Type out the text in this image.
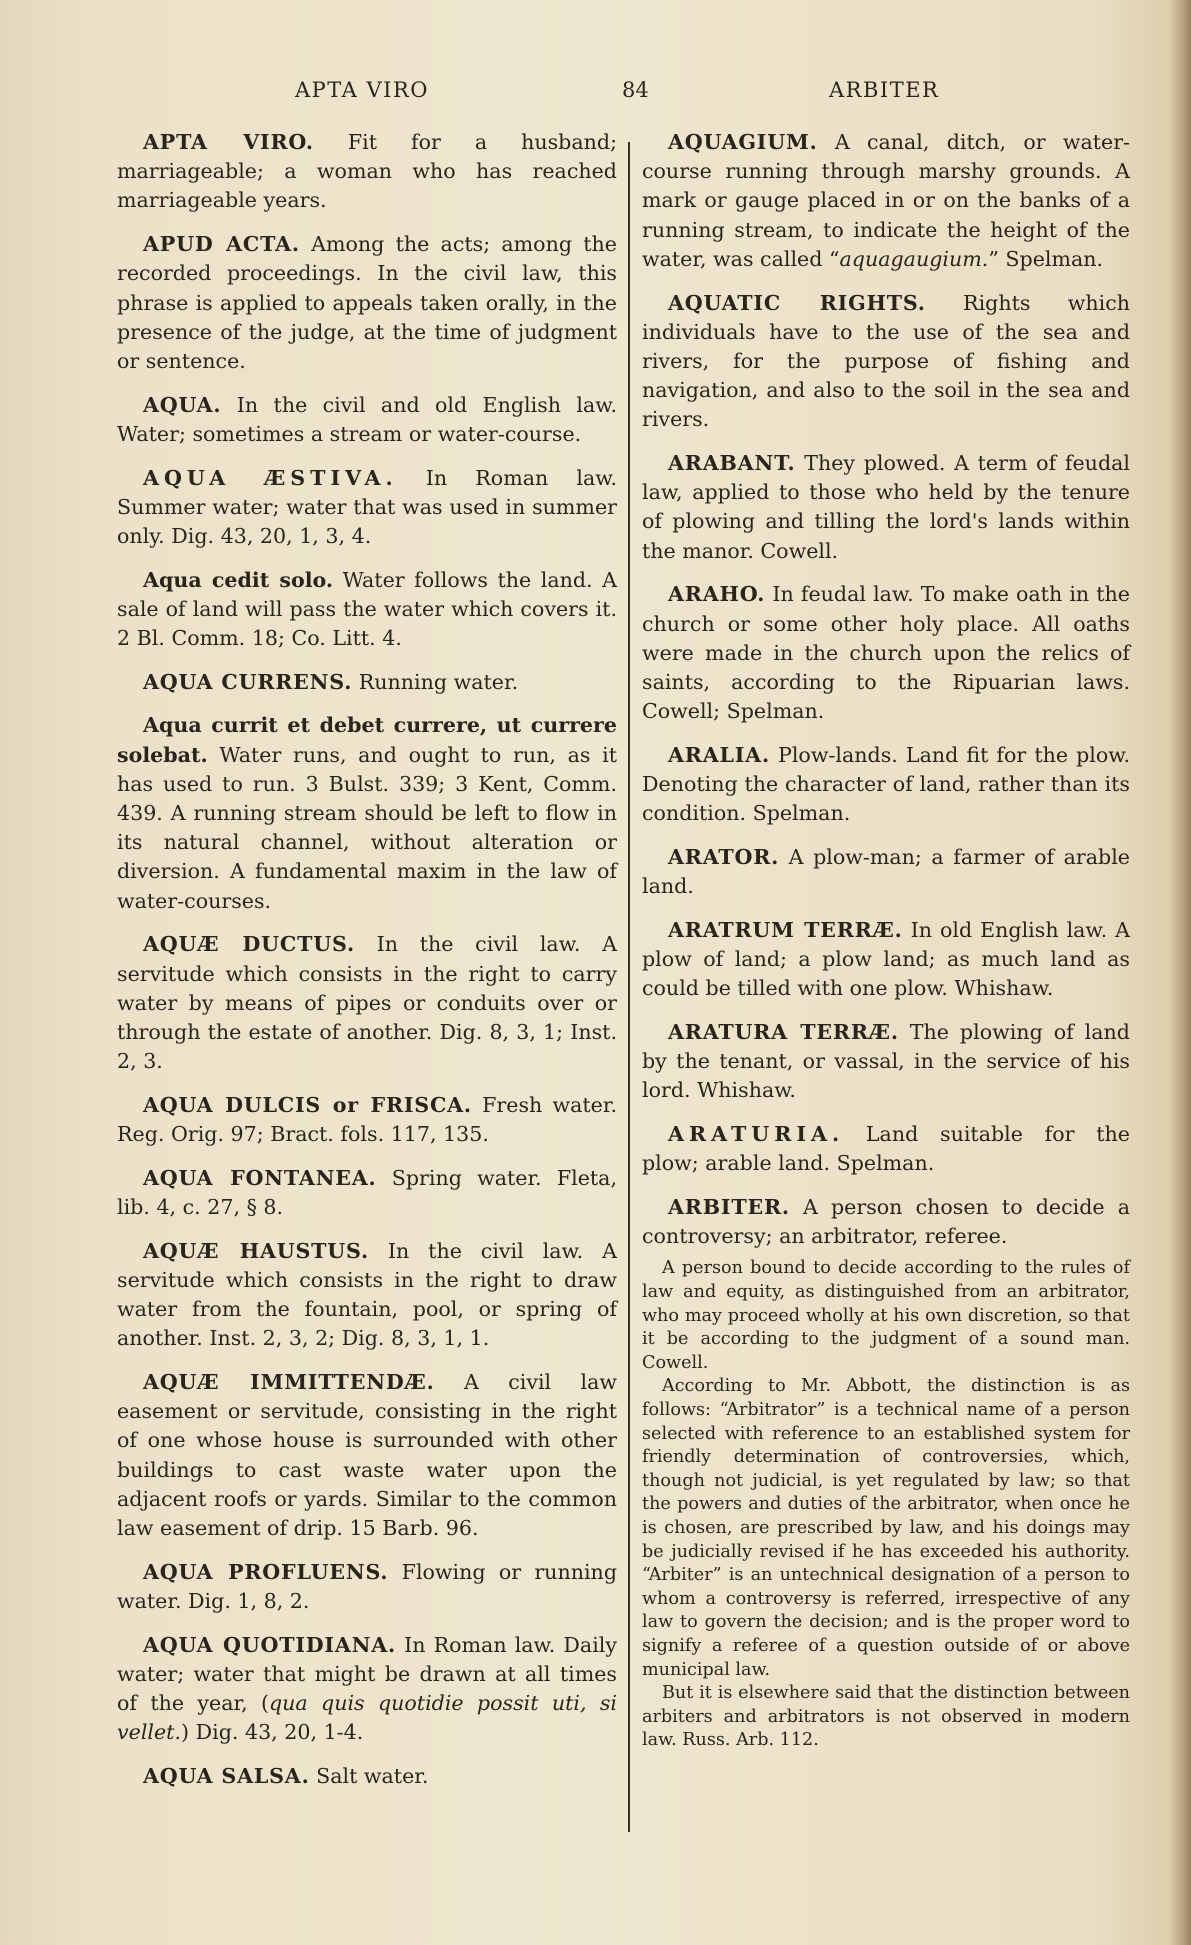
APTA VIRO	84	ARBITER

APTA VIRO. Fit for a husband; marriageable; a woman who has reached marriageable years.

APUD ACTA. Among the acts; among the recorded proceedings. In the civil law, this phrase is applied to appeals taken orally, in the presence of the judge, at the time of judgment or sentence.

AQUA. In the civil and old English law. Water; sometimes a stream or water-course.

AQUA ÆSTIVA. In Roman law. Summer water; water that was used in summer only. Dig. 43, 20, 1, 3, 4.

Aqua cedit solo. Water follows the land. A sale of land will pass the water which covers it. 2 Bl. Comm. 18; Co. Litt. 4.

AQUA CURRENS. Running water.

Aqua currit et debet currere, ut currere solebat. Water runs, and ought to run, as it has used to run. 3 Bulst. 339; 3 Kent, Comm. 439. A running stream should be left to flow in its natural channel, without alteration or diversion. A fundamental maxim in the law of water-courses.

AQUÆ DUCTUS. In the civil law. A servitude which consists in the right to carry water by means of pipes or conduits over or through the estate of another. Dig. 8, 3, 1; Inst. 2, 3.

AQUA DULCIS or FRISCA. Fresh water. Reg. Orig. 97; Bract. fols. 117, 135.

AQUA FONTANEA. Spring water. Fleta, lib. 4, c. 27, § 8.

AQUÆ HAUSTUS. In the civil law. A servitude which consists in the right to draw water from the fountain, pool, or spring of another. Inst. 2, 3, 2; Dig. 8, 3, 1, 1.

AQUÆ IMMITTENDÆ. A civil law easement or servitude, consisting in the right of one whose house is surrounded with other buildings to cast waste water upon the adjacent roofs or yards. Similar to the common law easement of drip. 15 Barb. 96.

AQUA PROFLUENS. Flowing or running water. Dig. 1, 8, 2.

AQUA QUOTIDIANA. In Roman law. Daily water; water that might be drawn at all times of the year, (qua quis quotidie possit uti, si vellet.) Dig. 43, 20, 1-4.

AQUA SALSA. Salt water.

AQUAGIUM. A canal, ditch, or water-course running through marshy grounds. A mark or gauge placed in or on the banks of a running stream, to indicate the height of the water, was called “aquagaugium.” Spelman.

AQUATIC RIGHTS. Rights which individuals have to the use of the sea and rivers, for the purpose of fishing and navigation, and also to the soil in the sea and rivers.

ARABANT. They plowed. A term of feudal law, applied to those who held by the tenure of plowing and tilling the lord's lands within the manor. Cowell.

ARAHO. In feudal law. To make oath in the church or some other holy place. All oaths were made in the church upon the relics of saints, according to the Ripuarian laws. Cowell; Spelman.

ARALIA. Plow-lands. Land fit for the plow. Denoting the character of land, rather than its condition. Spelman.

ARATOR. A plow-man; a farmer of arable land.

ARATRUM TERRÆ. In old English law. A plow of land; a plow land; as much land as could be tilled with one plow. Whishaw.

ARATURA TERRÆ. The plowing of land by the tenant, or vassal, in the service of his lord. Whishaw.

ARATURIA. Land suitable for the plow; arable land. Spelman.

ARBITER. A person chosen to decide a controversy; an arbitrator, referee.

A person bound to decide according to the rules of law and equity, as distinguished from an arbitrator, who may proceed wholly at his own discretion, so that it be according to the judgment of a sound man. Cowell.

According to Mr. Abbott, the distinction is as follows: “Arbitrator” is a technical name of a person selected with reference to an established system for friendly determination of controversies, which, though not judicial, is yet regulated by law; so that the powers and duties of the arbitrator, when once he is chosen, are prescribed by law, and his doings may be judicially revised if he has exceeded his authority. “Arbiter” is an untechnical designation of a person to whom a controversy is referred, irrespective of any law to govern the decision; and is the proper word to signify a referee of a question outside of or above municipal law.

But it is elsewhere said that the distinction between arbiters and arbitrators is not observed in modern law. Russ. Arb. 112.
